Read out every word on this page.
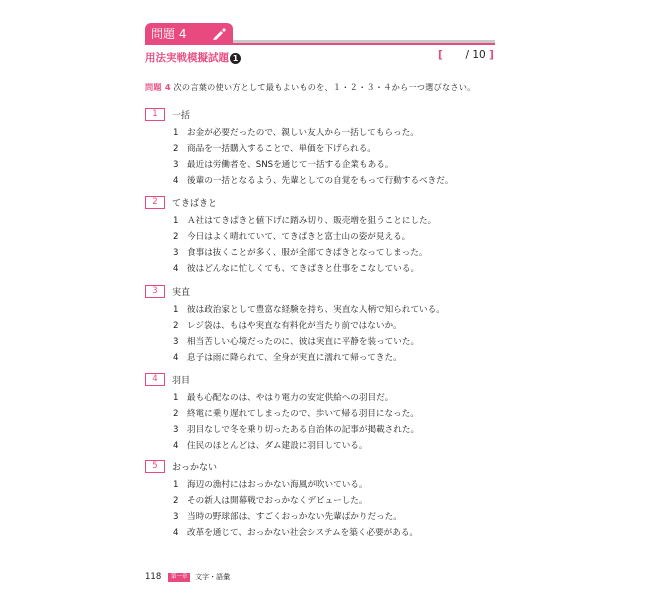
問題 4
用法実戦模擬試題 1	[ / 10 ]
問題 4 次の言葉の使い方として最もよいものを、１・２・３・４から一つ選びなさい。
1 一括
1 お金が必要だったので、親しい友人から一括してもらった。
2 商品を一括購入することで、単価を下げられる。
3 最近は労働者を、SNSを通じて一括する企業もある。
4 後輩の一括となるよう、先輩としての自覚をもって行動するべきだ。
2 てきぱきと
1 Ａ社はてきぱきと値下げに踏み切り、販売増を狙うことにした。
2 今日はよく晴れていて、てきぱきと富士山の姿が見える。
3 食事は抜くことが多く、服が全部てきぱきとなってしまった。
4 彼はどんなに忙しくても、てきぱきと仕事をこなしている。
3 実直
1 彼は政治家として豊富な経験を持ち、実直な人柄で知られている。
2 レジ袋は、もはや実直な有料化が当たり前ではないか。
3 相当苦しい心境だったのに、彼は実直に平静を装っていた。
4 息子は雨に降られて、全身が実直に濡れて帰ってきた。
4 羽目
1 最も心配なのは、やはり電力の安定供給への羽目だ。
2 終電に乗り遅れてしまったので、歩いて帰る羽目になった。
3 羽目なしで冬を乗り切ったある自治体の記事が掲載された。
4 住民のほとんどは、ダム建設に羽目している。
5 おっかない
1 海辺の漁村にはおっかない海風が吹いている。
2 その新人は開幕戦でおっかなくデビューした。
3 当時の野球部は、すごくおっかない先輩ばかりだった。
4 改革を通じて、おっかない社会システムを築く必要がある。
118 第一章 文字・語彙
